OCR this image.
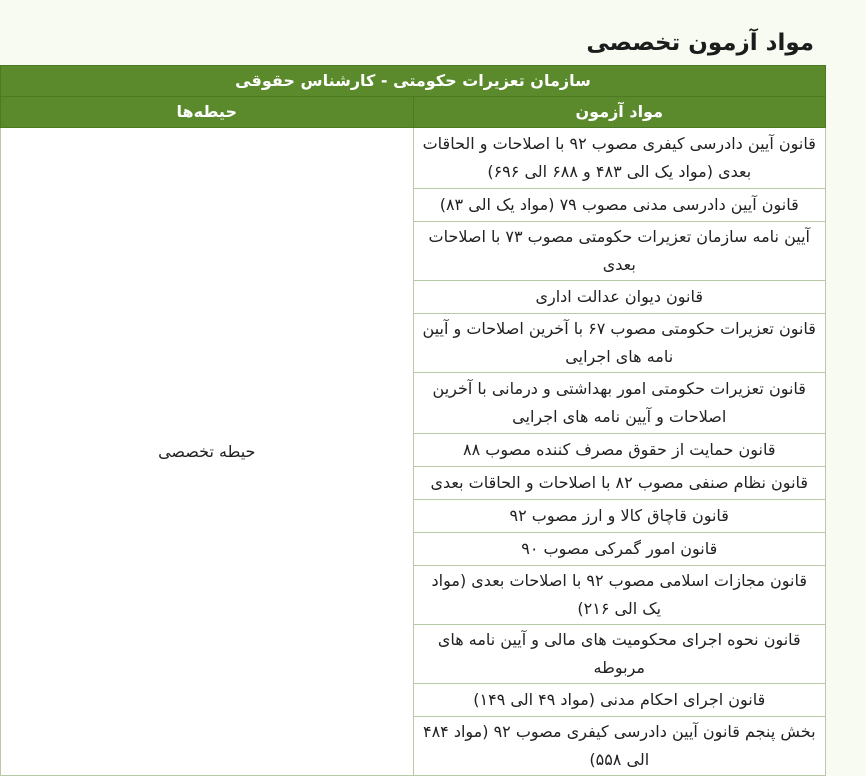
مواد آزمون تخصصی
سازمان تعزیرات حکومتی - کارشناس حقوقی	
مواد آزمون	حیطه‌ها
قانون آیین دادرسی کیفری مصوب ۹۲ با اصلاحات و الحاقات بعدی (مواد یک الی ۴۸۳ و ۶۸۸ الی ۶۹۶)	حیطه تخصصی
قانون آیین دادرسی مدنی مصوب ۷۹ (مواد یک الی ۸۳)	
آیین نامه سازمان تعزیرات حکومتی مصوب ۷۳ با اصلاحات بعدی	
قانون دیوان عدالت اداری	
قانون تعزیرات حکومتی مصوب ۶۷ با آخرین اصلاحات و آیین نامه های اجرایی	
قانون تعزیرات حکومتی امور بهداشتی و درمانی با آخرین اصلاحات و آیین نامه های اجرایی	
قانون حمایت از حقوق مصرف کننده مصوب ۸۸	
قانون نظام صنفی مصوب ۸۲ با اصلاحات و الحاقات بعدی	
قانون قاچاق کالا و ارز مصوب ۹۲	
قانون امور گمرکی مصوب ۹۰	
قانون مجازات اسلامی مصوب ۹۲ با اصلاحات بعدی (مواد یک الی ۲۱۶)	
قانون نحوه اجرای محکومیت های مالی و آیین نامه های مربوطه	
قانون اجرای احکام مدنی (مواد ۴۹ الی ۱۴۹)	
بخش پنجم قانون آیین دادرسی کیفری مصوب ۹۲ (مواد ۴۸۴ الی ۵۵۸)	
